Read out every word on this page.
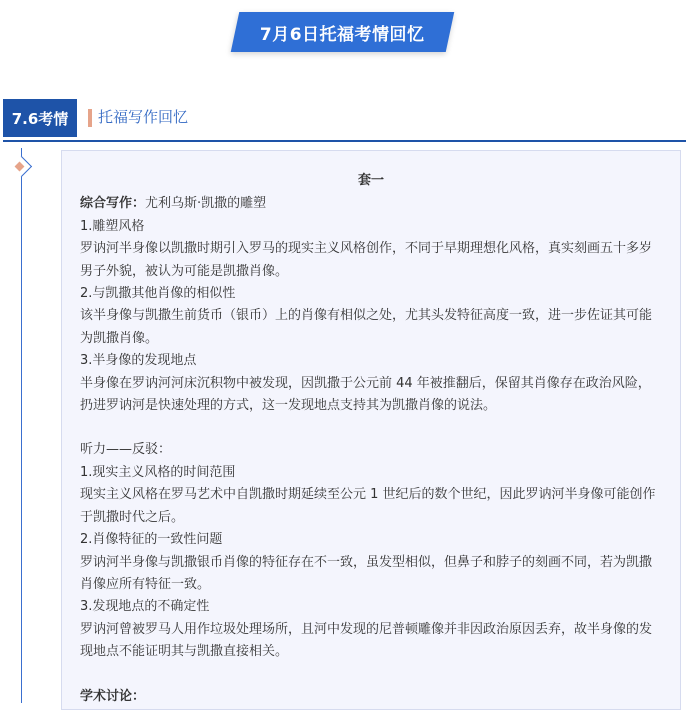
7月6日托福考情回忆
7.6考情 托福写作回忆

套一

综合写作：尤利乌斯·凯撒的雕塑

1.雕塑风格

罗讷河半身像以凯撒时期引入罗马的现实主义风格创作，不同于早期理想化风格，真实刻画五十多岁男子外貌，被认为可能是凯撒肖像。

2.与凯撒其他肖像的相似性

该半身像与凯撒生前货币（银币）上的肖像有相似之处，尤其头发特征高度一致，进一步佐证其可能为凯撒肖像。

3.半身像的发现地点

半身像在罗讷河河床沉积物中被发现，因凯撒于公元前 44 年被推翻后，保留其肖像存在政治风险，扔进罗讷河是快速处理的方式，这一发现地点支持其为凯撒肖像的说法。

听力——反驳：

1.现实主义风格的时间范围

现实主义风格在罗马艺术中自凯撒时期延续至公元 1 世纪后的数个世纪，因此罗讷河半身像可能创作于凯撒时代之后。

2.肖像特征的一致性问题

罗讷河半身像与凯撒银币肖像的特征存在不一致，虽发型相似，但鼻子和脖子的刻画不同，若为凯撒肖像应所有特征一致。

3.发现地点的不确定性

罗讷河曾被罗马人用作垃圾处理场所，且河中发现的尼普顿雕像并非因政治原因丢弃，故半身像的发现地点不能证明其与凯撒直接相关。

学术讨论：
